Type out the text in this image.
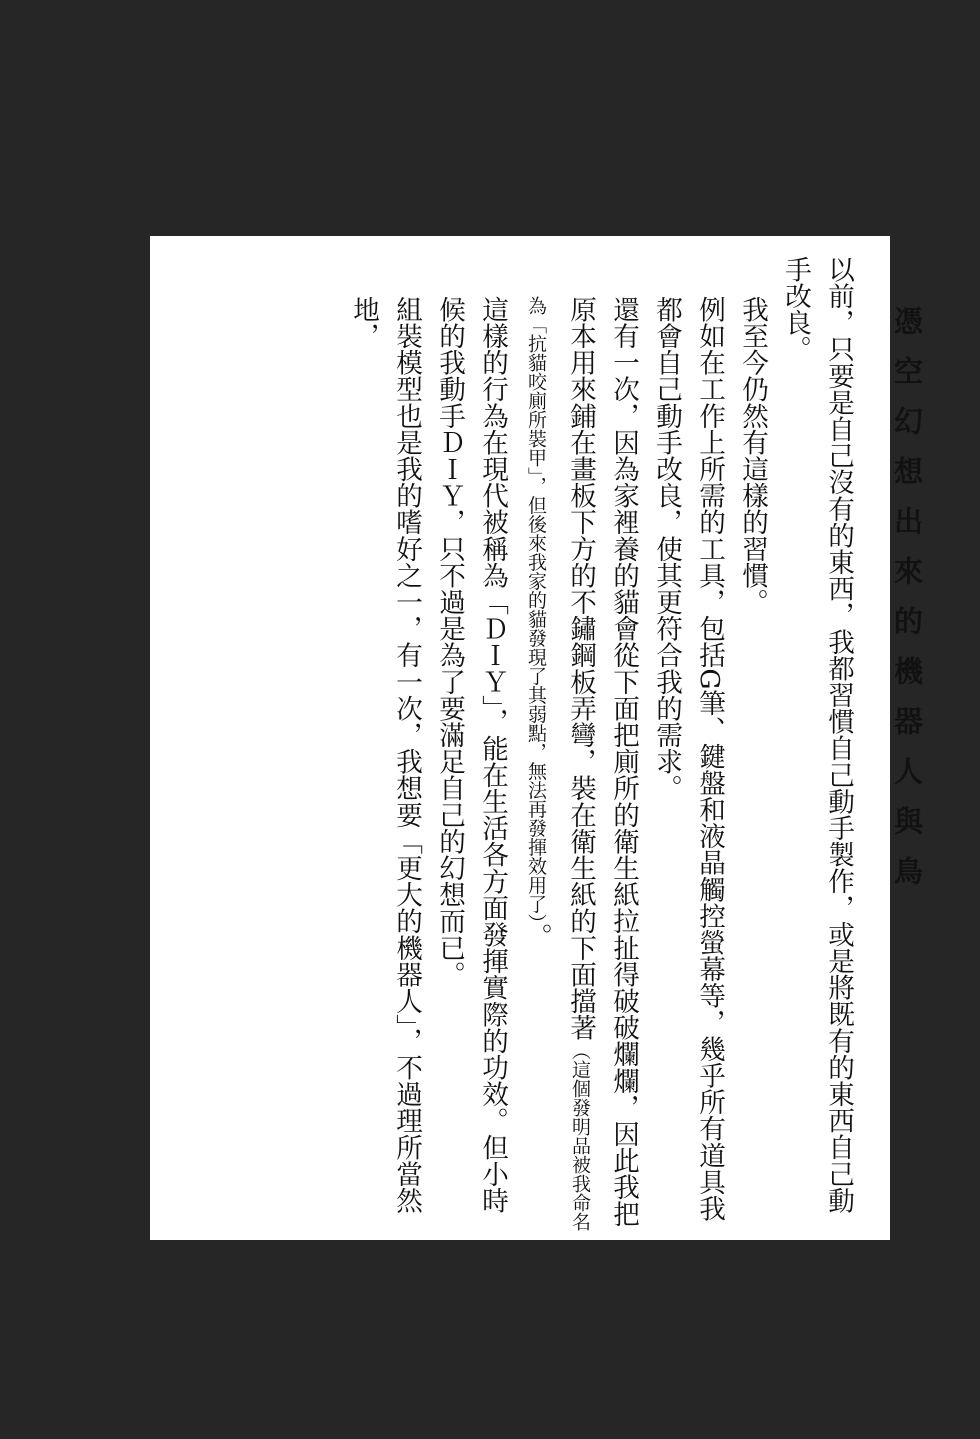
憑空幻想出來的機器人與鳥

以前，只要是自己沒有的東西，我都習慣自己動手製作，或是將既有的東西自己動手改良。

我至今仍然有這樣的習慣。

例如在工作上所需的工具，包括G筆、鍵盤和液晶觸控螢幕等，幾乎所有道具我都會自己動手改良，使其更符合我的需求。

還有一次，因為家裡養的貓會從下面把廁所的衛生紙拉扯得破破爛爛，因此我把原本用來鋪在畫板下方的不鏽鋼板弄彎，裝在衛生紙的下面擋著（這個發明品被我命名為「抗貓咬廁所裝甲」，但後來我家的貓發現了其弱點，無法再發揮效用了）。

這樣的行為在現代被稱為「ＤＩＹ」，能在生活各方面發揮實際的功效。但小時候的我動手ＤＩＹ，只不過是為了要滿足自己的幻想而已。

組裝模型也是我的嗜好之一，有一次，我想要「更大的機器人」，不過理所當然地，
